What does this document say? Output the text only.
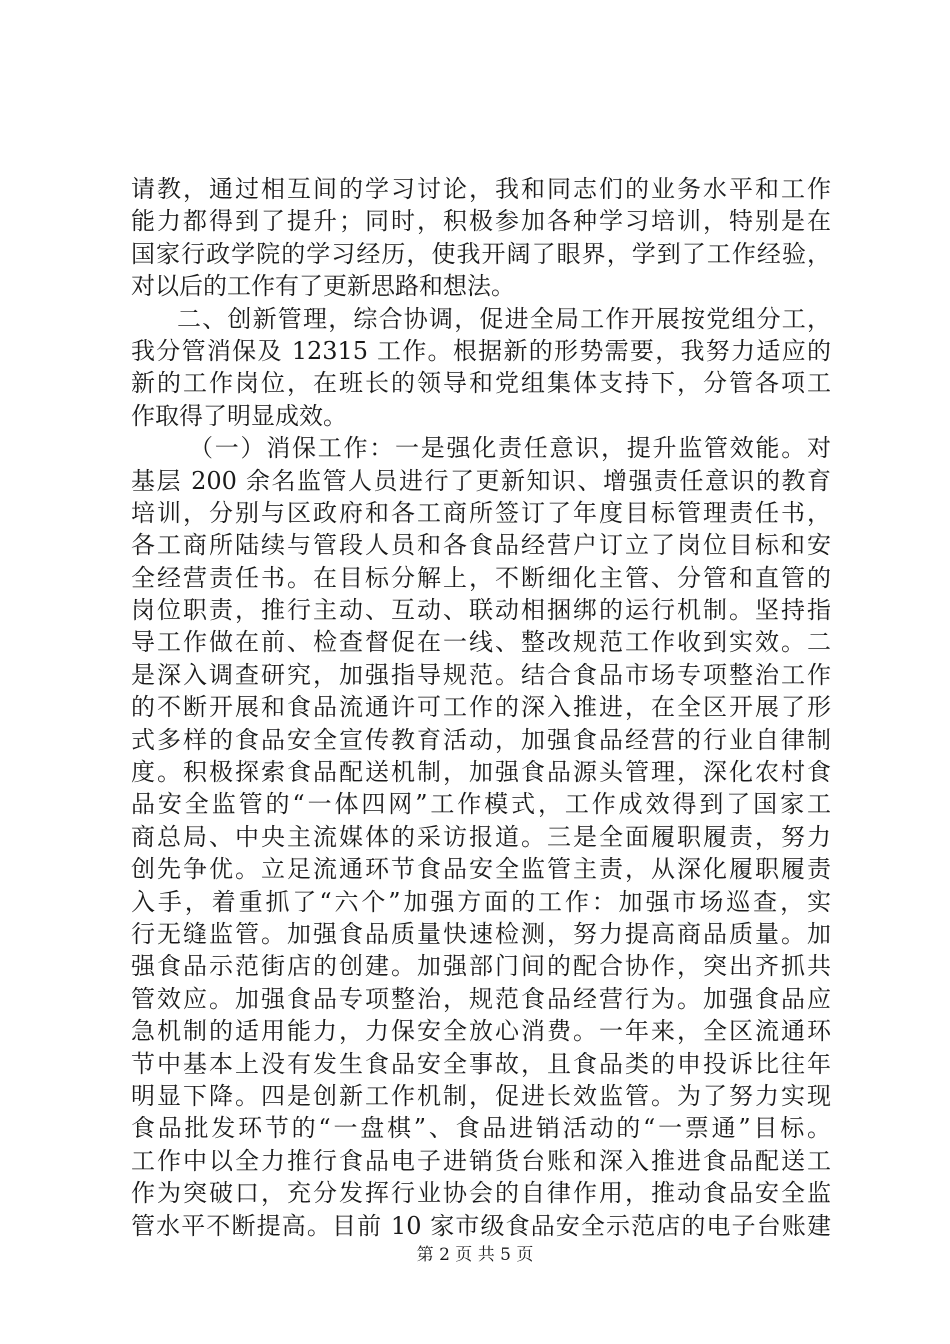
请教，通过相互间的学习讨论，我和同志们的业务水平和工作
能力都得到了提升；同时，积极参加各种学习培训，特别是在
国家行政学院的学习经历，使我开阔了眼界，学到了工作经验，
对以后的工作有了更新思路和想法。
二、创新管理，综合协调，促进全局工作开展按党组分工，
我分管消保及 12315 工作。根据新的形势需要，我努力适应的
新的工作岗位，在班长的领导和党组集体支持下，分管各项工
作取得了明显成效。
（一）消保工作：一是强化责任意识，提升监管效能。对
基层 200 余名监管人员进行了更新知识、增强责任意识的教育
培训，分别与区政府和各工商所签订了年度目标管理责任书，
各工商所陆续与管段人员和各食品经营户订立了岗位目标和安
全经营责任书。在目标分解上，不断细化主管、分管和直管的
岗位职责，推行主动、互动、联动相捆绑的运行机制。坚持指
导工作做在前、检查督促在一线、整改规范工作收到实效。二
是深入调查研究，加强指导规范。结合食品市场专项整治工作
的不断开展和食品流通许可工作的深入推进，在全区开展了形
式多样的食品安全宣传教育活动，加强食品经营的行业自律制
度。积极探索食品配送机制，加强食品源头管理，深化农村食
品安全监管的“一体四网”工作模式，工作成效得到了国家工
商总局、中央主流媒体的采访报道。三是全面履职履责，努力
创先争优。立足流通环节食品安全监管主责，从深化履职履责
入手，着重抓了“六个”加强方面的工作：加强市场巡查，实
行无缝监管。加强食品质量快速检测，努力提高商品质量。加
强食品示范街店的创建。加强部门间的配合协作，突出齐抓共
管效应。加强食品专项整治，规范食品经营行为。加强食品应
急机制的适用能力，力保安全放心消费。一年来，全区流通环
节中基本上没有发生食品安全事故，且食品类的申投诉比往年
明显下降。四是创新工作机制，促进长效监管。为了努力实现
食品批发环节的“一盘棋”、食品进销活动的“一票通”目标。
工作中以全力推行食品电子进销货台账和深入推进食品配送工
作为突破口，充分发挥行业协会的自律作用，推动食品安全监
管水平不断提高。目前 10 家市级食品安全示范店的电子台账建
第 2 页 共 5 页
